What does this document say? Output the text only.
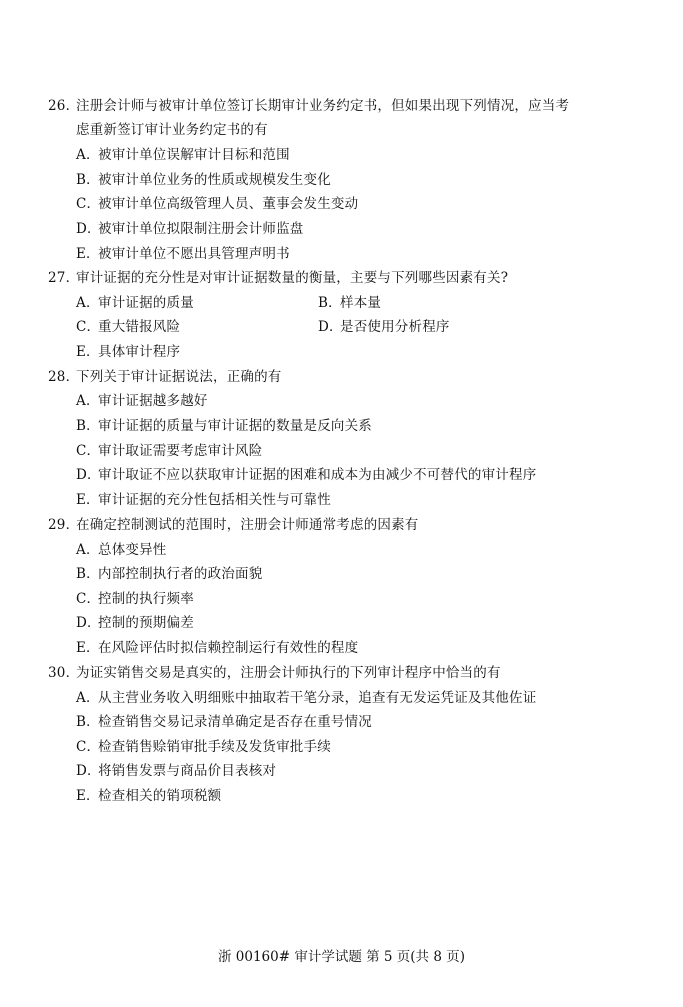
26．注册会计师与被审计单位签订长期审计业务约定书，但如果出现下列情况，应当考
虑重新签订审计业务约定书的有
A．被审计单位误解审计目标和范围
B．被审计单位业务的性质或规模发生变化
C．被审计单位高级管理人员、董事会发生变动
D．被审计单位拟限制注册会计师监盘
E．被审计单位不愿出具管理声明书
27．审计证据的充分性是对审计证据数量的衡量，主要与下列哪些因素有关?
A．审计证据的质量	B．样本量
C．重大错报风险	D．是否使用分析程序
E．具体审计程序
28．下列关于审计证据说法，正确的有
A．审计证据越多越好
B．审计证据的质量与审计证据的数量是反向关系
C．审计取证需要考虑审计风险
D．审计取证不应以获取审计证据的困难和成本为由减少不可替代的审计程序
E．审计证据的充分性包括相关性与可靠性
29．在确定控制测试的范围时，注册会计师通常考虑的因素有
A．总体变异性
B．内部控制执行者的政治面貌
C．控制的执行频率
D．控制的预期偏差
E．在风险评估时拟信赖控制运行有效性的程度
30．为证实销售交易是真实的，注册会计师执行的下列审计程序中恰当的有
A．从主营业务收入明细账中抽取若干笔分录，追查有无发运凭证及其他佐证
B．检查销售交易记录清单确定是否存在重号情况
C．检查销售赊销审批手续及发货审批手续
D．将销售发票与商品价目表核对
E．检查相关的销项税额
浙 00160# 审计学试题 第 5 页(共 8 页)
